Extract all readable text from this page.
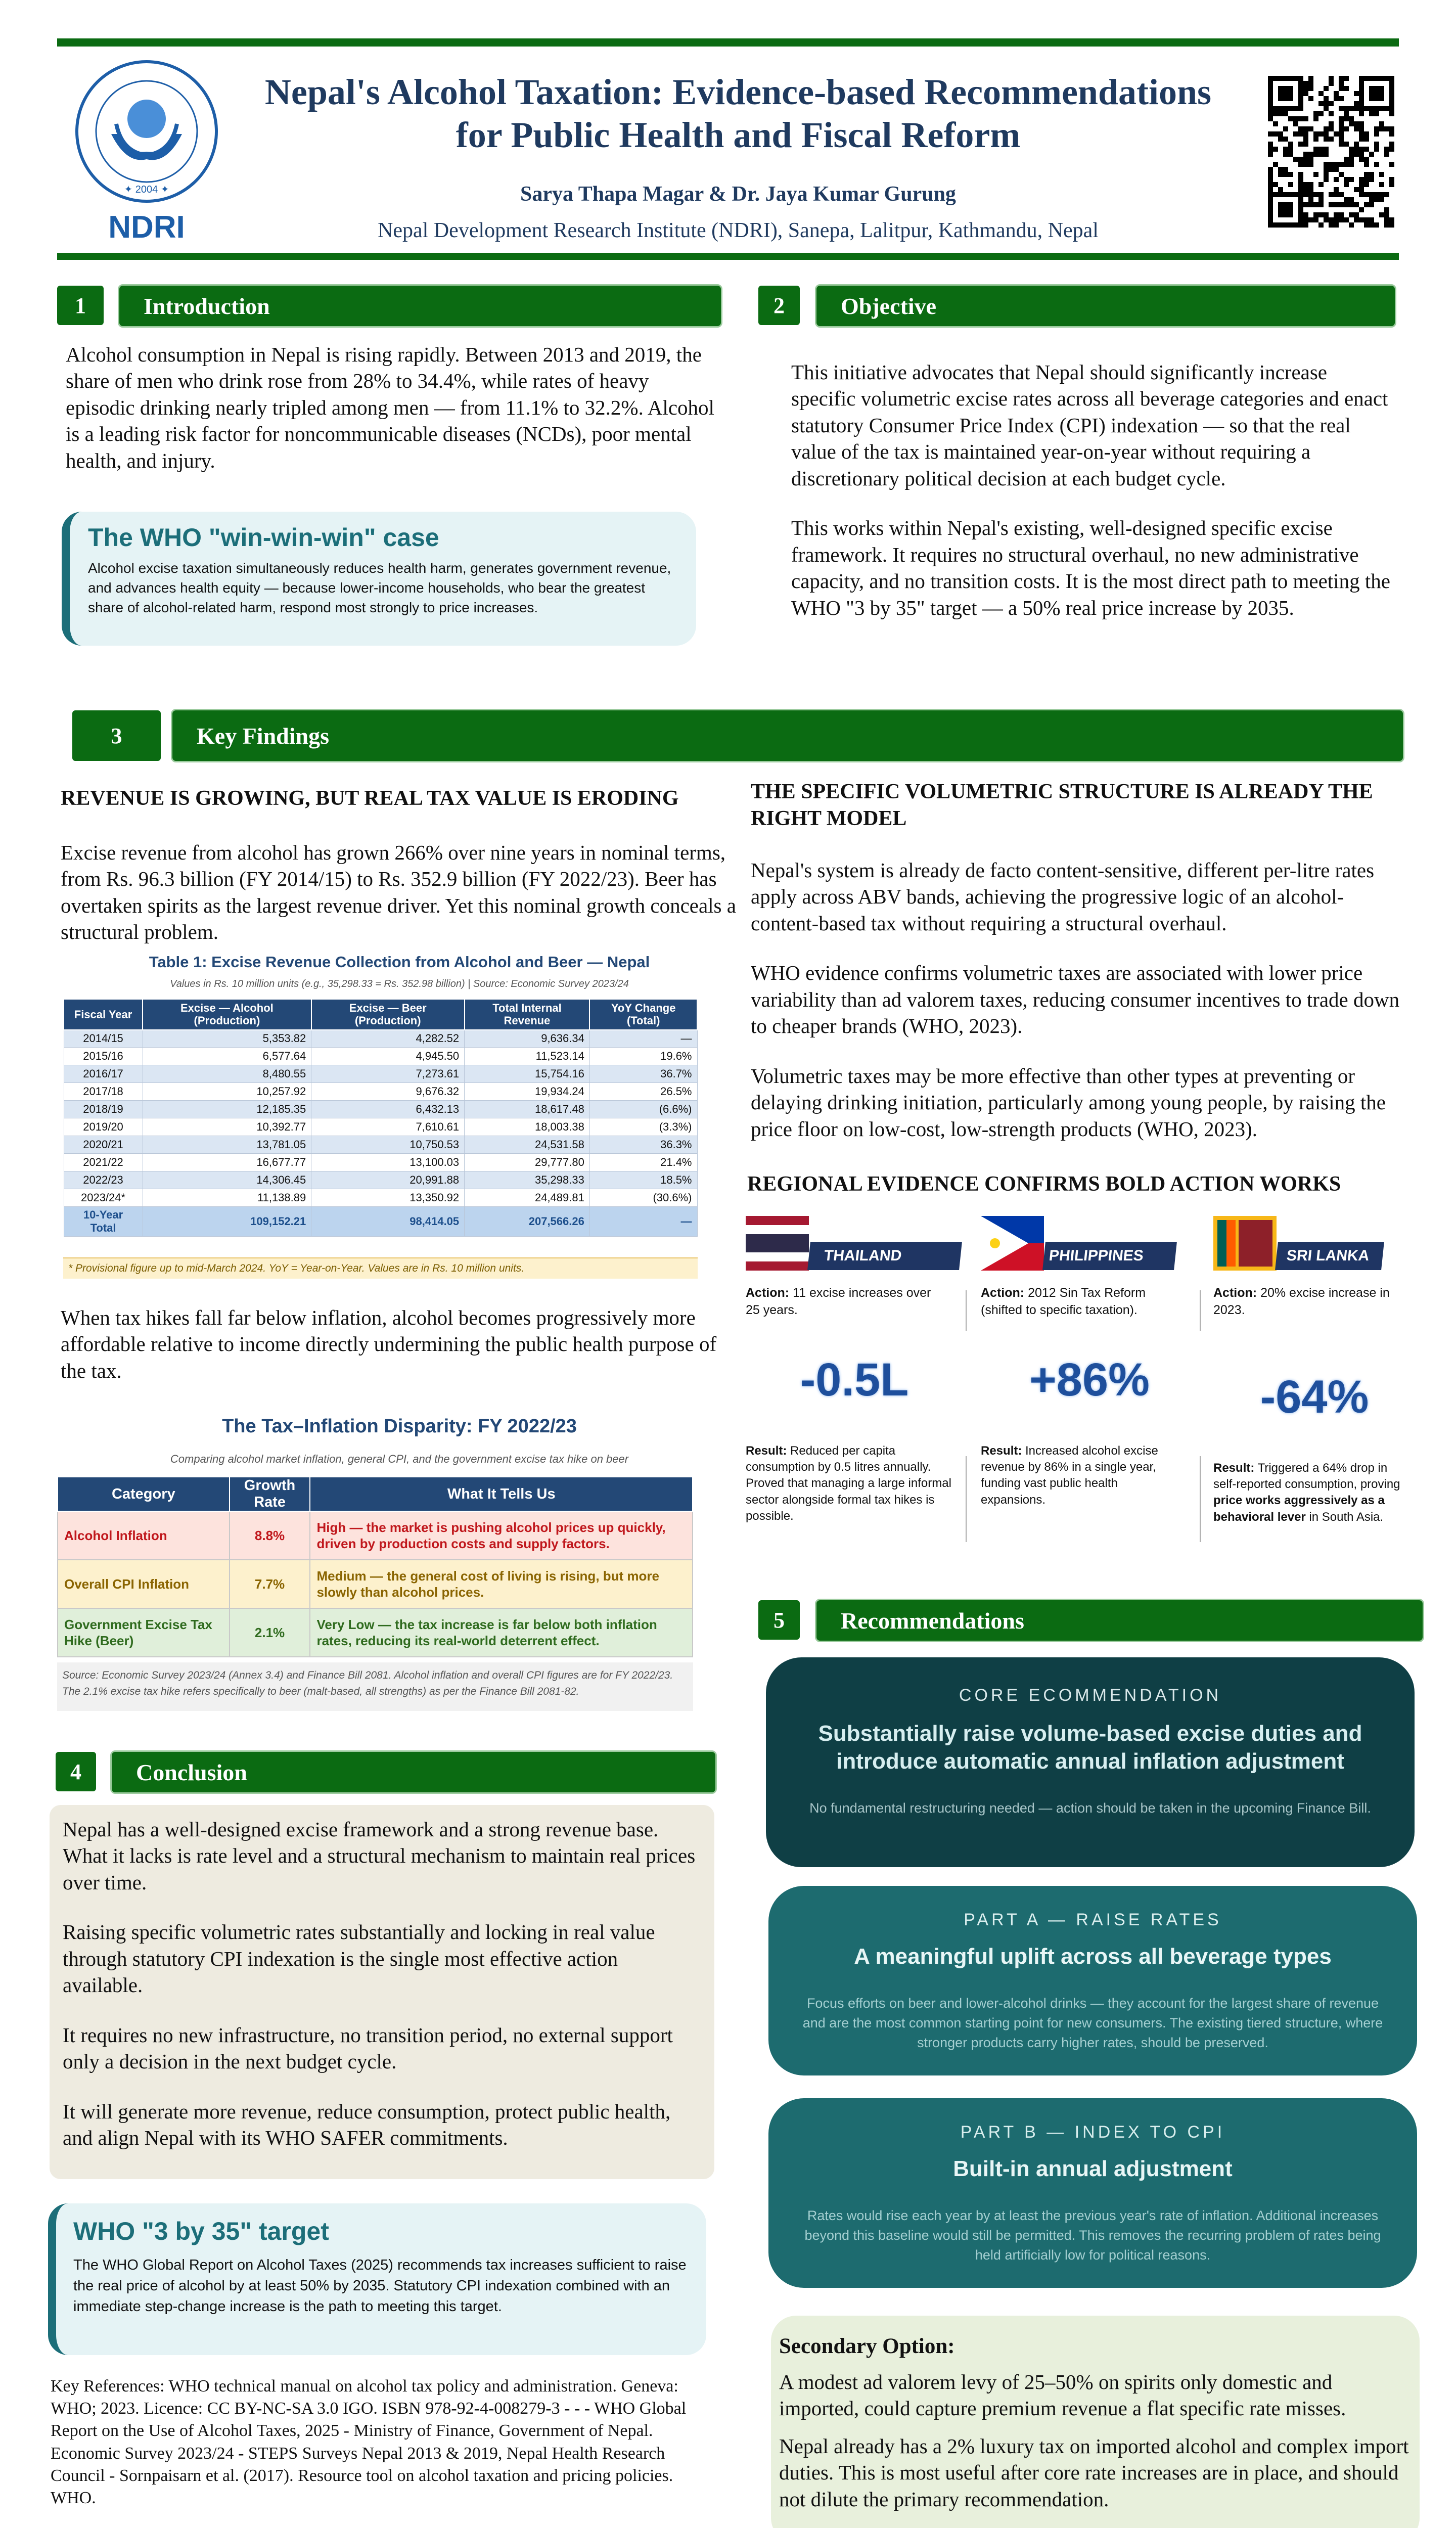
✦ 2004 ✦
NDRI
Nepal's Alcohol Taxation: Evidence-based Recommendations
for Public Health and Fiscal Reform
Sarya Thapa Magar & Dr. Jaya Kumar Gurung
Nepal Development Research Institute (NDRI), Sanepa, Lalitpur, Kathmandu, Nepal
1	Introduction
Alcohol consumption in Nepal is rising rapidly. Between 2013 and 2019, the share of men who drink rose from 28% to 34.4%, while rates of heavy episodic drinking nearly tripled among men — from 11.1% to 32.2%. Alcohol is a leading risk factor for noncommunicable diseases (NCDs), poor mental health, and injury.
The WHO "win-win-win" case
Alcohol excise taxation simultaneously reduces health harm, generates government revenue, and advances health equity — because lower-income households, who bear the greatest share of alcohol-related harm, respond most strongly to price increases.
2	Objective

This initiative advocates that Nepal should significantly increase specific volumetric excise rates across all beverage categories and enact statutory Consumer Price Index (CPI) indexation — so that the real value of the tax is maintained year-on-year without requiring a discretionary political decision at each budget cycle.

This works within Nepal's existing, well-designed specific excise framework. It requires no structural overhaul, no new administrative capacity, and no transition costs. It is the most direct path to meeting the WHO "3 by 35" target — a 50% real price increase by 2035.

3	Key Findings
REVENUE IS GROWING, BUT REAL TAX VALUE IS ERODING
Excise revenue from alcohol has grown 266% over nine years in nominal terms, from Rs. 96.3 billion (FY 2014/15) to Rs. 352.9 billion (FY 2022/23). Beer has overtaken spirits as the largest revenue driver. Yet this nominal growth conceals a structural problem.
Table 1: Excise Revenue Collection from Alcohol and Beer — Nepal
Values in Rs. 10 million units (e.g., 35,298.33 = Rs. 352.98 billion) | Source: Economic Survey 2023/24
Fiscal Year	Excise — Alcohol (Production)	Excise — Beer (Production)	Total Internal Revenue	YoY Change (Total)
2014/15	5,353.82	4,282.52	9,636.34	—
2015/16	6,577.64	4,945.50	11,523.14	19.6%
2016/17	8,480.55	7,273.61	15,754.16	36.7%
2017/18	10,257.92	9,676.32	19,934.24	26.5%
2018/19	12,185.35	6,432.13	18,617.48	(6.6%)
2019/20	10,392.77	7,610.61	18,003.38	(3.3%)
2020/21	13,781.05	10,750.53	24,531.58	36.3%
2021/22	16,677.77	13,100.03	29,777.80	21.4%
2022/23	14,306.45	20,991.88	35,298.33	18.5%
2023/24*	11,138.89	13,350.92	24,489.81	(30.6%)
10-Year Total	109,152.21	98,414.05	207,566.26	—
* Provisional figure up to mid-March 2024. YoY = Year-on-Year. Values are in Rs. 10 million units.
When tax hikes fall far below inflation, alcohol becomes progressively more affordable relative to income directly undermining the public health purpose of the tax.
The Tax–Inflation Disparity: FY 2022/23
Comparing alcohol market inflation, general CPI, and the government excise tax hike on beer
Category	Growth Rate	What It Tells Us
Alcohol Inflation	8.8%	High — the market is pushing alcohol prices up quickly, driven by production costs and supply factors.
Overall CPI Inflation	7.7%	Medium — the general cost of living is rising, but more slowly than alcohol prices.
Government Excise Tax Hike (Beer)	2.1%	Very Low — the tax increase is far below both inflation rates, reducing its real-world deterrent effect.
Source: Economic Survey 2023/24 (Annex 3.4) and Finance Bill 2081. Alcohol inflation and overall CPI figures are for FY 2022/23. The 2.1% excise tax hike refers specifically to beer (malt-based, all strengths) as per the Finance Bill 2081-82.
THE SPECIFIC VOLUMETRIC STRUCTURE IS ALREADY THE RIGHT MODEL

Nepal's system is already de facto content-sensitive, different per-litre rates apply across ABV bands, achieving the progressive logic of an alcohol-content-based tax without requiring a structural overhaul.

WHO evidence confirms volumetric taxes are associated with lower price variability than ad valorem taxes, reducing consumer incentives to trade down to cheaper brands (WHO, 2023).

Volumetric taxes may be more effective than other types at preventing or delaying drinking initiation, particularly among young people, by raising the price floor on low-cost, low-strength products (WHO, 2023).

REGIONAL EVIDENCE CONFIRMS BOLD ACTION WORKS
THAILAND
Action: 11 excise increases over 25 years.
-0.5L
Result: Reduced per capita consumption by 0.5 litres annually. Proved that managing a large informal sector alongside formal tax hikes is possible.
PHILIPPINES
Action: 2012 Sin Tax Reform (shifted to specific taxation).
+86%
Result: Increased alcohol excise revenue by 86% in a single year, funding vast public health expansions.
SRI LANKA
Action: 20% excise increase in 2023.
-64%
Result: Triggered a 64% drop in self-reported consumption, proving price works aggressively as a behavioral lever in South Asia.
4	Conclusion

Nepal has a well-designed excise framework and a strong revenue base. What it lacks is rate level and a structural mechanism to maintain real prices over time.

Raising specific volumetric rates substantially and locking in real value through statutory CPI indexation is the single most effective action available.

It requires no new infrastructure, no transition period, no external support only a decision in the next budget cycle.

It will generate more revenue, reduce consumption, protect public health, and align Nepal with its WHO SAFER commitments.

WHO "3 by 35" target
The WHO Global Report on Alcohol Taxes (2025) recommends tax increases sufficient to raise the real price of alcohol by at least 50% by 2035. Statutory CPI indexation combined with an immediate step-change increase is the path to meeting this target.
Key References: WHO technical manual on alcohol tax policy and administration. Geneva: WHO; 2023. Licence: CC BY-NC-SA 3.0 IGO. ISBN 978-92-4-008279-3 - - - WHO Global Report on the Use of Alcohol Taxes, 2025 - Ministry of Finance, Government of Nepal. Economic Survey 2023/24 - STEPS Surveys Nepal 2013 & 2019, Nepal Health Research Council - Sornpaisarn et al. (2017). Resource tool on alcohol taxation and pricing policies. WHO.
5	Recommendations
CORE ECOMMENDATION
Substantially raise volume-based excise duties and introduce automatic annual inflation adjustment
No fundamental restructuring needed — action should be taken in the upcoming Finance Bill.
PART A — RAISE RATES
A meaningful uplift across all beverage types
Focus efforts on beer and lower-alcohol drinks — they account for the largest share of revenue and are the most common starting point for new consumers. The existing tiered structure, where stronger products carry higher rates, should be preserved.
PART B — INDEX TO CPI
Built-in annual adjustment
Rates would rise each year by at least the previous year's rate of inflation. Additional increases beyond this baseline would still be permitted. This removes the recurring problem of rates being held artificially low for political reasons.
Secondary Option:
A modest ad valorem levy of 25–50% on spirits only domestic and imported, could capture premium revenue a flat specific rate misses.
Nepal already has a 2% luxury tax on imported alcohol and complex import duties. This is most useful after core rate increases are in place, and should not dilute the primary recommendation.
